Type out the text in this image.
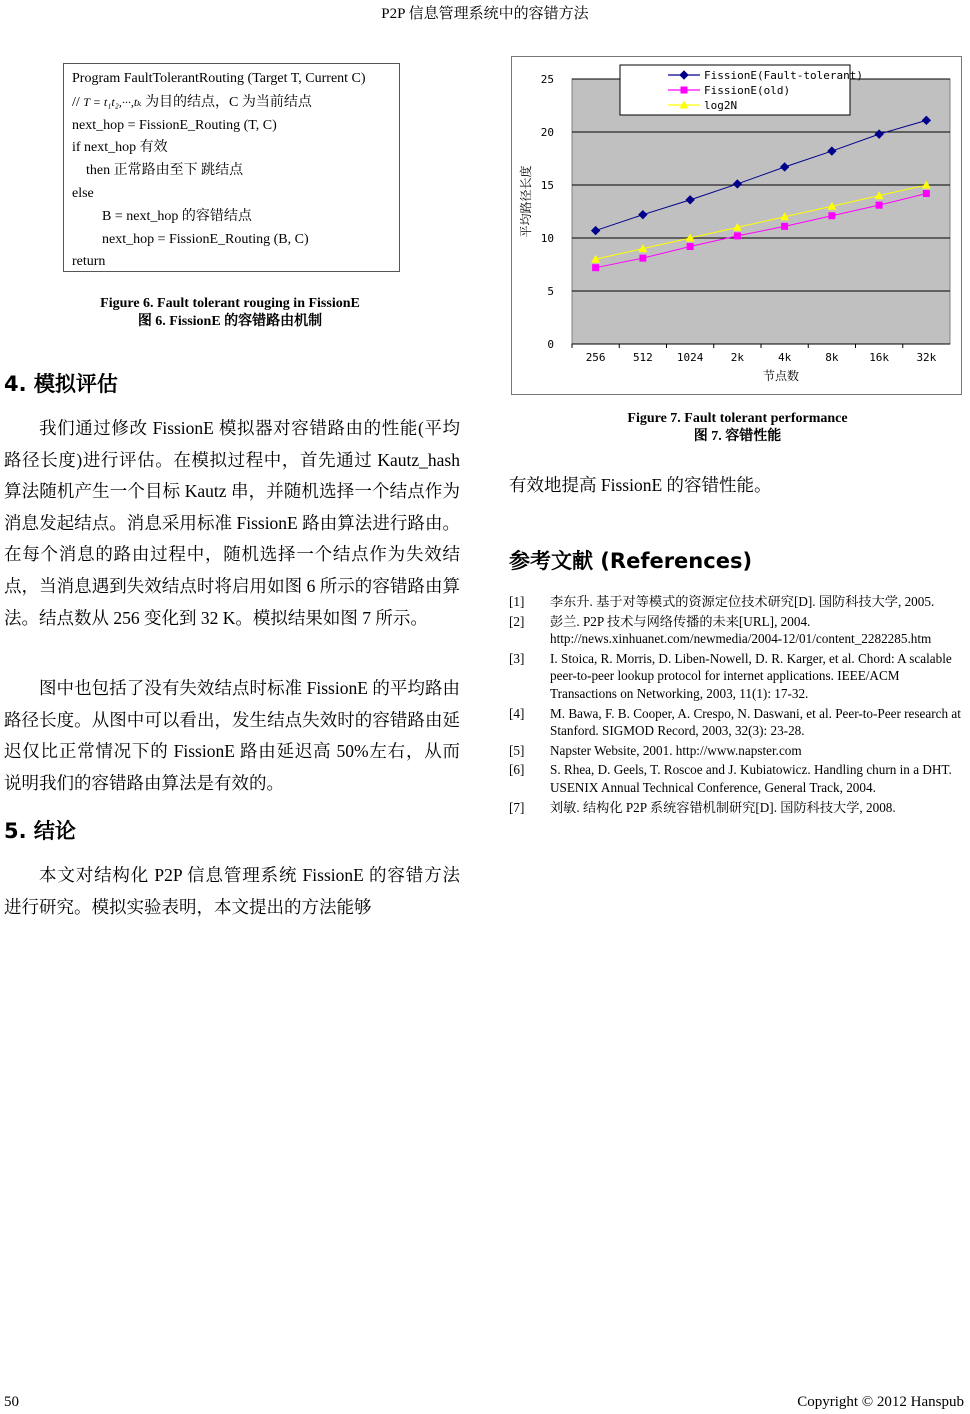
P2P 信息管理系统中的容错方法
Program FaultTolerantRouting (Target T, Current C)
// T = t₁t₂,···,tₖ 为目的结点，C 为当前结点
next_hop = FissionE_Routing (T, C)
if next_hop 有效
then 正常路由至下 跳结点
else
B = next_hop 的容错结点
next_hop = FissionE_Routing (B, C)
return
Figure 6. Fault tolerant rouging in FissionE
图 6. FissionE 的容错路由机制
4. 模拟评估

我们通过修改 FissionE 模拟器对容错路由的性能(平均路径长度)进行评估。在模拟过程中，首先通过 Kautz_hash 算法随机产生一个目标 Kautz 串，并随机选择一个结点作为消息发起结点。消息采用标准 FissionE 路由算法进行路由。在每个消息的路由过程中，随机选择一个结点作为失效结点，当消息遇到失效结点时将启用如图 6 所示的容错路由算法。结点数从 256 变化到 32 K。模拟结果如图 7 所示。

图中也包括了没有失效结点时标准 FissionE 的平均路由路径长度。从图中可以看出，发生结点失效时的容错路由延迟仅比正常情况下的 FissionE 路由延迟高 50%左右，从而说明我们的容错路由算法是有效的。

5. 结论

本文对结构化 P2P 信息管理系统 FissionE 的容错方法进行研究。模拟实验表明，本文提出的方法能够

0
5
10
15
20
25
256 512 1024 2k	4k	8k	16k 32k
节点数
平均路径长度
FissionE(Fault-tolerant)
FissionE(old)
log2N
Figure 7. Fault tolerant performance
图 7. 容错性能

有效地提高 FissionE 的容错性能。

参考文献 (References)
[1]	李东升. 基于对等模式的资源定位技术研究[D]. 国防科技大学, 2005.
[2]	彭兰. P2P 技术与网络传播的未来[URL], 2004. http://news.xinhuanet.com/newmedia/2004-12/01/content_2282285.htm
[3]	I. Stoica, R. Morris, D. Liben-Nowell, D. R. Karger, et al. Chord: A scalable peer-to-peer lookup protocol for internet applications. IEEE/ACM Transactions on Networking, 2003, 11(1): 17-32.
[4]	M. Bawa, F. B. Cooper, A. Crespo, N. Daswani, et al. Peer-to-Peer research at Stanford. SIGMOD Record, 2003, 32(3): 23-28.
[5]	Napster Website, 2001. http://www.napster.com
[6]	S. Rhea, D. Geels, T. Roscoe and J. Kubiatowicz. Handling churn in a DHT. USENIX Annual Technical Conference, General Track, 2004.
[7]	刘敏. 结构化 P2P 系统容错机制研究[D]. 国防科技大学, 2008.
50	Copyright © 2012 Hanspub
